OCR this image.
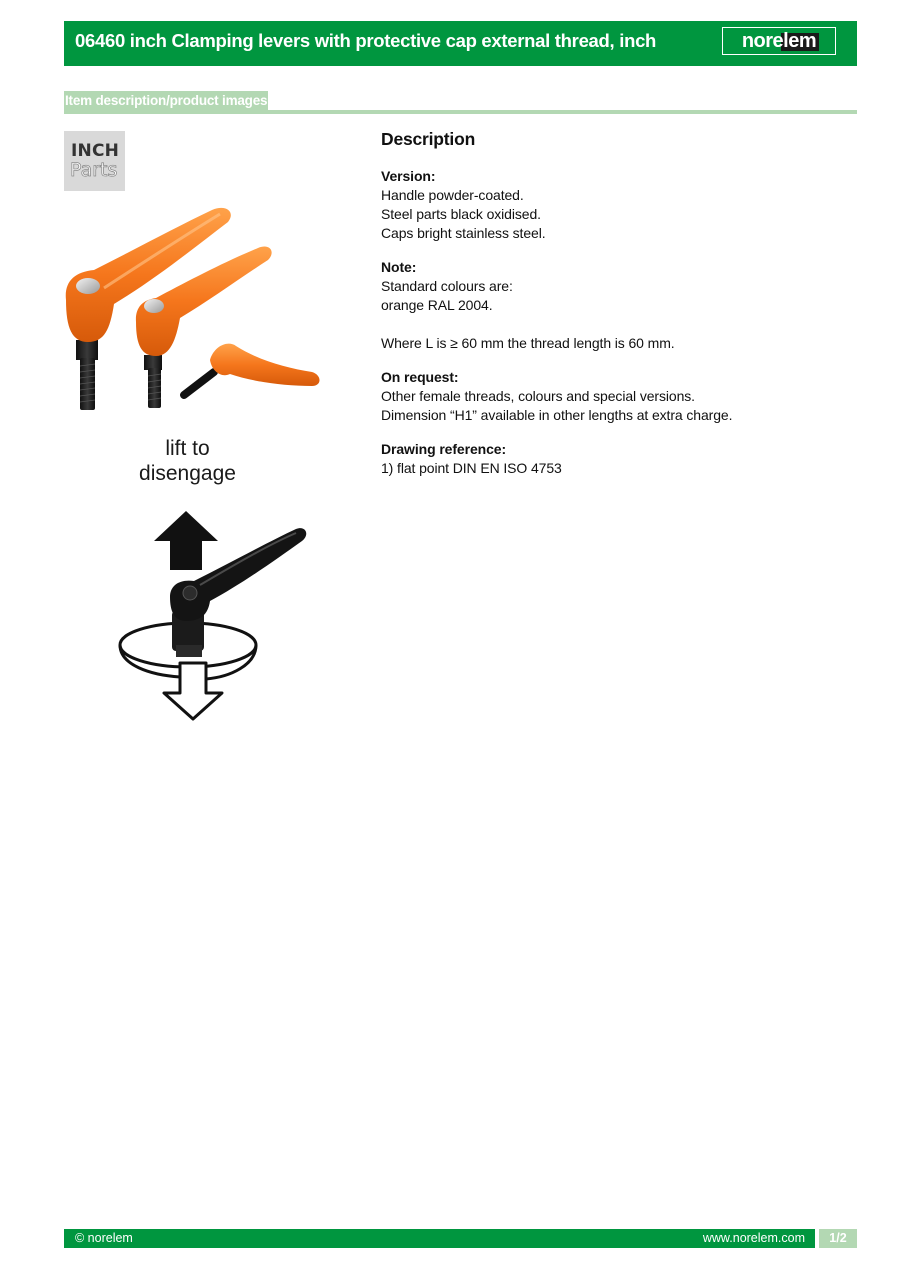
06460 inch Clamping levers with protective cap external thread, inch	norelem
Item description/product images
INCH
Parts
lift to
disengage
Description

Version:

Handle powder-coated.

Steel parts black oxidised.

Caps bright stainless steel.

Note:

Standard colours are:

orange RAL 2004.

Where L is ≥ 60 mm the thread length is 60 mm.

On request:

Other female threads, colours and special versions.

Dimension “H1” available in other lengths at extra charge.

Drawing reference:

1) flat point DIN EN ISO 4753

© norelem	www.norelem.com	1/2
